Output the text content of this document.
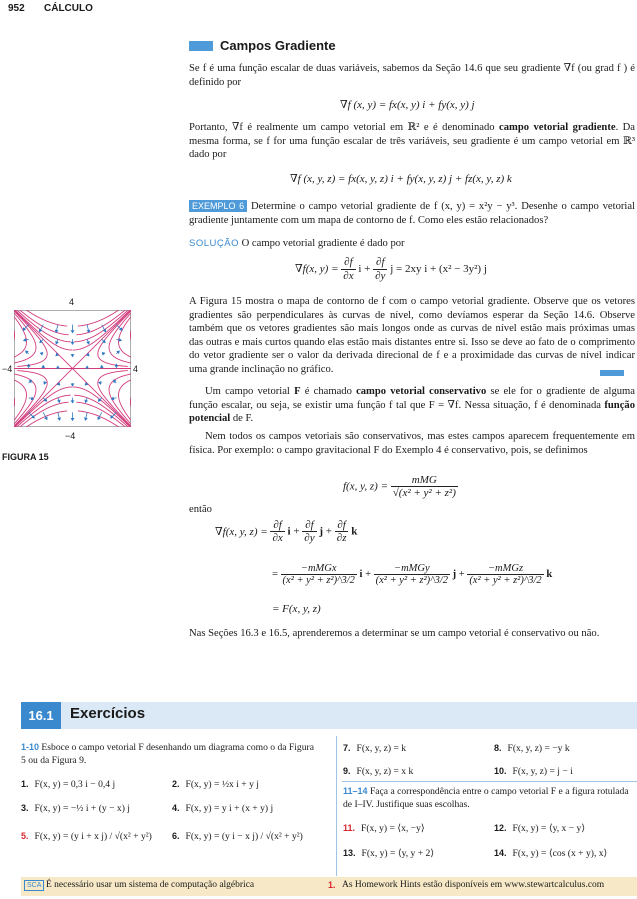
952 CÁLCULO
Campos Gradiente
Se f é uma função escalar de duas variáveis, sabemos da Seção 14.6 que seu gradiente ∇f (ou grad f ) é definido por
∇f (x, y) = fx(x, y) i + fy(x, y) j
Portanto, ∇f é realmente um campo vetorial em ℝ² e é denominado campo vetorial gradiente. Da mesma forma, se f for uma função escalar de três variáveis, seu gradiente é um campo vetorial em ℝ³ dado por
∇f (x, y, z) = fx(x, y, z) i + fy(x, y, z) j + fz(x, y, z) k
EXEMPLO 6 Determine o campo vetorial gradiente de f (x, y) = x²y − y³. Desenhe o campo vetorial gradiente juntamente com um mapa de contorno de f. Como eles estão relacionados?
SOLUÇÃO O campo vetorial gradiente é dado por
∇f(x, $y) = \frac{\partial f}{\partial x}$ $i + \frac{\partial f}{\partial y}$ j = 2xy i + (x² − 3y²) j
A Figura 15 mostra o mapa de contorno de f com o campo vetorial gradiente. Observe que os vetores gradientes são perpendiculares às curvas de nível, como devíamos esperar da Seção 14.6. Observe também que os vetores gradientes são mais longos onde as curvas de nível estão mais próximas umas das outras e mais curtos quando elas estão mais distantes entre si. Isso se deve ao fato de o comprimento do vetor gradiente ser o valor da derivada direcional de f e a proximidade das curvas de nível indicar uma grande inclinação no gráfico.
4
−4
−4	4
FIGURA 15
Um campo vetorial F é chamado campo vetorial conservativo se ele for o gradiente de alguma função escalar, ou seja, se existir uma função f tal que F = ∇f. Nessa situação, f é denominada função potencial de F.
Nem todos os campos vetoriais são conservativos, mas estes campos aparecem frequentemente em física. Por exemplo: o campo gravitacional F do Exemplo 4 é conservativo, pois, se definimos
f(x, y, $z) = \frac{\text{mMG}}{\text{√(x² + y² + z²)}}$
então
∇f(x, y, $z) = \frac{\partial f}{\partial x}$ $i + \frac{\partial f}{\partial y}$ $j + \frac{\partial f}{\partial z}$ k
= $\frac{\text{−mMGx}}{\text{(x² + y² + z²)\textasciicircum{}3/2}}$ $i + \frac{\text{−mMGy}}{\text{(x² + y² + z²)\textasciicircum{}3/2}}$ $j + \frac{\text{−mMGz}}{\text{(x² + y² + z²)\textasciicircum{}3/2}}$ k
= F(x, y, z)
Nas Seções 16.3 e 16.5, aprenderemos a determinar se um campo vetorial é conservativo ou não.
16.1	Exercícios
1-10 Esboce o campo vetorial F desenhando um diagrama como o da Figura 5 ou da Figura 9.
11–14 Faça a correspondência entre o campo vetorial F e a figura rotulada de I–IV. Justifique suas escolhas.
1. F(x, y) = 0,3 i − 0,4 j	2. F(x, y) = ½x i + y j
3. F(x, y) = −½ i + (y − x) j	4. F(x, y) = y i + (x + y) j
5. F(x, y) = (y i + x j) / √(x² + y²) 6. F(x, y) = (y i − x j) / √(x² + y²)
7. F(x, y, z) = k	8. F(x, y, z) = −y k
9. F(x, y, z) = x k	10. F(x, y, z) = j − i
11. F(x, y) = ⟨x, −y⟩	12. F(x, y) = ⟨y, x − y⟩
13. F(x, y) = ⟨y, y + 2⟩	14. F(x, y) = ⟨cos (x + y), x⟩
SCA É necessário usar um sistema de computação algébrica	1. As Homework Hints estão disponíveis em www.stewartcalculus.com
